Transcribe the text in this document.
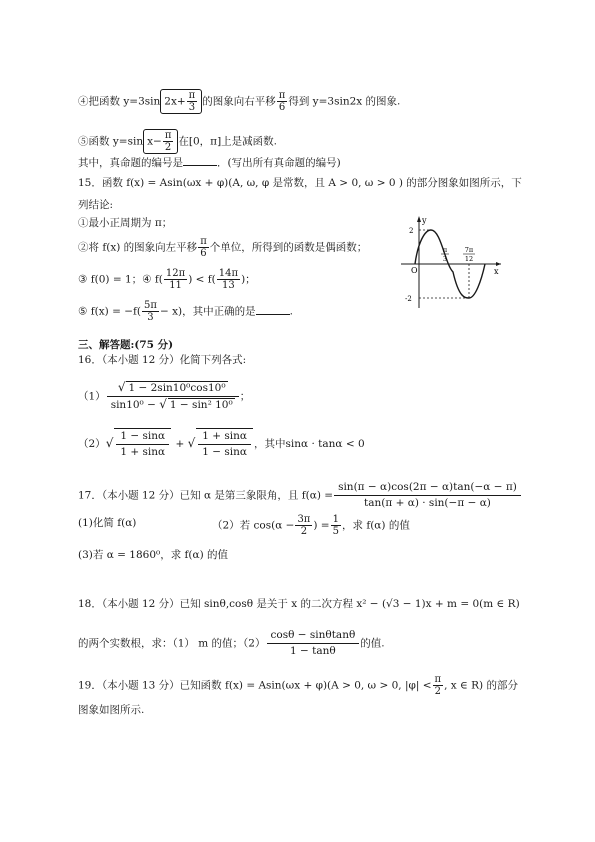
④把函数 y=3sin $2x+ \frac{\pi}{3}$ 的图象向右平移 $\frac{\pi}{6}$ 得到 y=3sin2x 的图象.
⑤函数 y=sin $x- \frac{\pi}{2}$ 在[0，π]上是减函数.
其中，真命题的编号是	．(写出所有真命题的编号)
15．函数 f(x) = Asin(ωx + φ)(A, ω, φ 是常数，且 A > 0, ω > 0 ) 的部分图象如图所示，下
列结论:
①最小正周期为 π；
②将 f(x) 的图象向左平移 $\frac{\pi}{6}$ 个单位，所得到的函数是偶函数；
③ f(0) = 1；④ $f( \frac{12\pi}{11}$ ) < $f( \frac{14\pi}{13}$ )；
⑤ $f(x) = -f( \frac{5\pi}{3} - x)$，其中正确的是	.
y
x
O
π
3
7π
12
2
-2
三、解答题:(75 分)
16．（本小题 12 分）化简下列各式:
$(1) \frac{\text{√ 1 − 2sin10⁰cos10⁰}}{\text{sin10⁰ − √ 1 − sin² 10⁰}}$ ；
$(2)√ \frac{1 - \sin\alpha}{1 + \sin\alpha}$ + √ $\frac{1 + \sin\alpha}{1 - \sin\alpha}$ ，其中sinα · tanα < 0
17．（本小题 12 分）已知 α 是第三象限角，且 $f(\alpha) = \frac{\sin(\pi - \alpha)\cos(2\pi - \alpha)\tan(-\alpha - \pi)}{\tan(\pi + \alpha) \cdot \sin(-\pi - \alpha)}$
(1)化简 f(α)	（2）若 $\cos(\alpha - \frac{3\pi}{2}$ ) = $\frac{1}{5}$ ，求 f(α) 的值
(3)若 α = 1860⁰，求 f(α) 的值
18．（本小题 12 分）已知 sinθ,cosθ 是关于 x 的二次方程 x² − (√3 − 1)x + m = 0(m ∈ R)
的两个实数根，求：（1） m 的值；$(2) \frac{\cos\theta - \sin\theta\tan\theta}{1 - \tan\theta}$ 的值.
19．（本小题 13 分）已知函数 f(x) = Asin(ωx + φ)(A > 0, ω > 0, $|\varphi| < \frac{\pi}{2}$ , x ∈ R) 的部分
图象如图所示.
